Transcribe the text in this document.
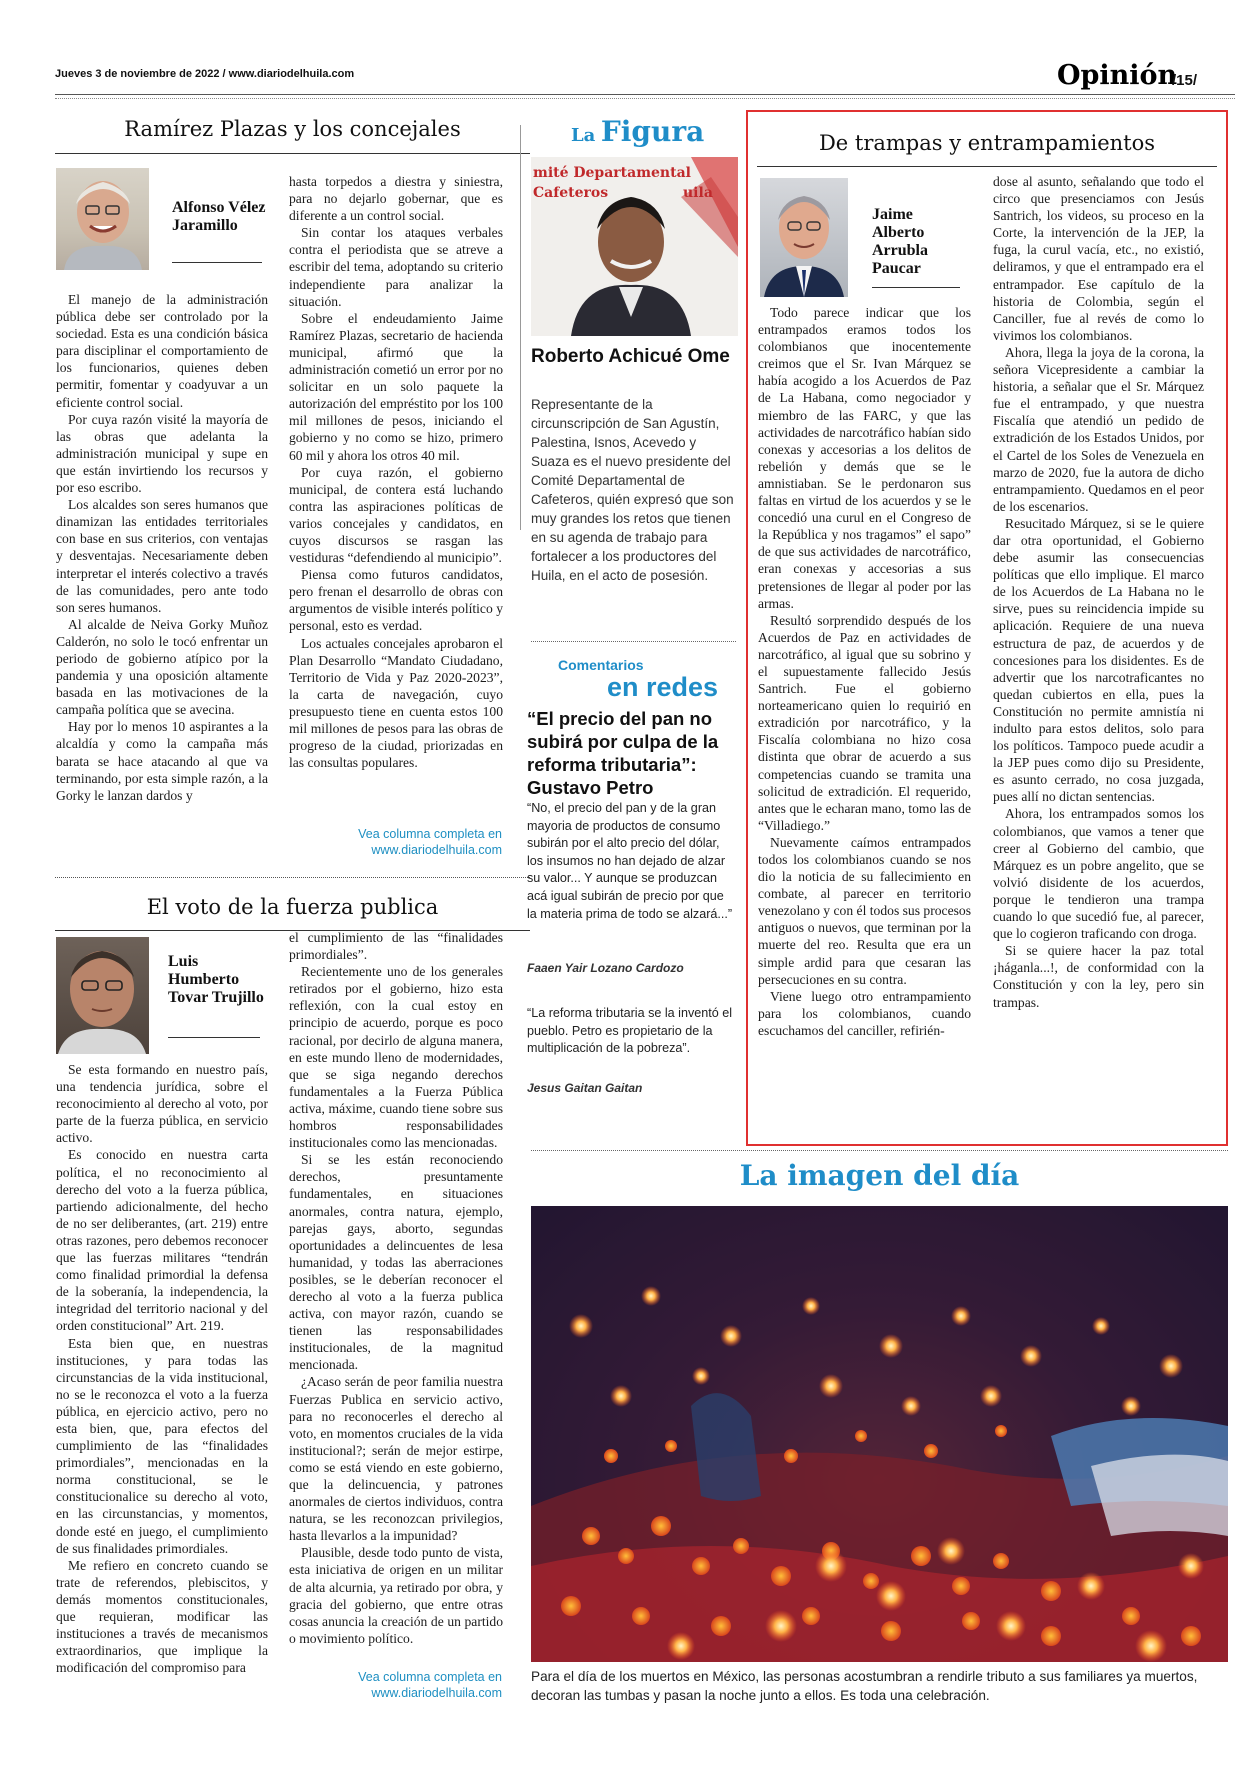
Jueves 3 de noviembre de 2022 / www.diariodelhuila.com	Opinión
/15/
Ramírez Plazas y los concejales
Alfonso Vélez Jaramillo

El manejo de la administración pública debe ser controlado por la sociedad. Esta es una condición básica para disciplinar el comportamiento de los funcionarios, quienes deben permitir, fomentar y coadyuvar a un eficiente control social.

Por cuya razón visité la mayoría de las obras que adelanta la administración municipal y supe en que están invirtiendo los recursos y por eso escribo.

Los alcaldes son seres humanos que dinamizan las entidades territoriales con base en sus criterios, con ventajas y desventajas. Necesariamente deben interpretar el interés colectivo a través de las comunidades, pero ante todo son seres humanos.

Al alcalde de Neiva Gorky Muñoz Calderón, no solo le tocó enfrentar un periodo de gobierno atípico por la pandemia y una oposición altamente basada en las motivaciones de la campaña política que se avecina.

Hay por lo menos 10 aspirantes a la alcaldía y como la campaña más barata se hace atacando al que va terminando, por esta simple razón, a la Gorky le lanzan dardos y

hasta torpedos a diestra y siniestra, para no dejarlo gobernar, que es diferente a un control social.

Sin contar los ataques verbales contra el periodista que se atreve a escribir del tema, adoptando su criterio independiente para analizar la situación.

Sobre el endeudamiento Jaime Ramírez Plazas, secretario de hacienda municipal, afirmó que la administración cometió un error por no solicitar en un solo paquete la autorización del empréstito por los 100 mil millones de pesos, iniciando el gobierno y no como se hizo, primero 60 mil y ahora los otros 40 mil.

Por cuya razón, el gobierno municipal, de contera está luchando contra las aspiraciones políticas de varios concejales y candidatos, en cuyos discursos se rasgan las vestiduras “defendiendo al municipio”.

Piensa como futuros candidatos, pero frenan el desarrollo de obras con argumentos de visible interés político y personal, esto es verdad.

Los actuales concejales aprobaron el Plan Desarrollo “Mandato Ciudadano, Territorio de Vida y Paz 2020-2023”, la carta de navegación, cuyo presupuesto tiene en cuenta estos 100 mil millones de pesos para las obras de progreso de la ciudad, priorizadas en las consultas populares.

Vea columna completa en
www.diariodelhuila.com
El voto de la fuerza publica
Luis Humberto Tovar Trujillo

Se esta formando en nuestro país, una tendencia jurídica, sobre el reconocimiento al derecho al voto, por parte de la fuerza pública, en servicio activo.

Es conocido en nuestra carta política, el no reconocimiento al derecho del voto a la fuerza pública, partiendo adicionalmente, del hecho de no ser deliberantes, (art. 219) entre otras razones, pero debemos reconocer que las fuerzas militares “tendrán como finalidad primordial la defensa de la soberanía, la independencia, la integridad del territorio nacional y del orden constitucional” Art. 219.

Esta bien que, en nuestras instituciones, y para todas las circunstancias de la vida institucional, no se le reconozca el voto a la fuerza pública, en ejercicio activo, pero no esta bien, que, para efectos del cumplimiento de las “finalidades primordiales”, mencionadas en la norma constitucional, se le constitucionalice su derecho al voto, en las circunstancias, y momentos, donde esté en juego, el cumplimiento de sus finalidades primordiales.

Me refiero en concreto cuando se trate de referendos, plebiscitos, y demás momentos constitucionales, que requieran, modificar las instituciones a través de mecanismos extraordinarios, que implique la modificación del compromiso para

el cumplimiento de las “finalidades primordiales”.

Recientemente uno de los generales retirados por el gobierno, hizo esta reflexión, con la cual estoy en principio de acuerdo, porque es poco racional, por decirlo de alguna manera, en este mundo lleno de modernidades, que se siga negando derechos fundamentales a la Fuerza Pública activa, máxime, cuando tiene sobre sus hombros responsabilidades institucionales como las mencionadas.

Si se les están reconociendo derechos, presuntamente fundamentales, en situaciones anormales, contra natura, ejemplo, parejas gays, aborto, segundas oportunidades a delincuentes de lesa humanidad, y todas las aberraciones posibles, se le deberían reconocer el derecho al voto a la fuerza publica activa, con mayor razón, cuando se tienen las responsabilidades institucionales, de la magnitud mencionada.

¿Acaso serán de peor familia nuestra Fuerzas Publica en servicio activo, para no reconocerles el derecho al voto, en momentos cruciales de la vida institucional?; serán de mejor estirpe, como se está viendo en este gobierno, que la delincuencia, y patrones anormales de ciertos individuos, contra natura, se les reconozcan privilegios, hasta llevarlos a la impunidad?

Plausible, desde todo punto de vista, esta iniciativa de origen en un militar de alta alcurnia, ya retirado por obra, y gracia del gobierno, que entre otras cosas anuncia la creación de un partido o movimiento político.

Vea columna completa en
www.diariodelhuila.com
La Figura
mité Departamental
Cafeteros	uila
Roberto Achicué Ome
Representante de la circunscripción de San Agustín, Palestina, Isnos, Acevedo y Suaza es el nuevo presidente del Comité Departamental de Cafeteros, quién expresó que son muy grandes los retos que tienen en su agenda de trabajo para fortalecer a los productores del Huila, en el acto de posesión.
Comentarios
en redes
“El precio del pan no subirá por culpa de la reforma tributaria”: Gustavo Petro
“No, el precio del pan y de la gran mayoria de productos de consumo subirán por el alto precio del dólar, los insumos no han dejado de alzar su valor... Y aunque se produzcan acá igual subirán de precio por que la materia prima de todo se alzará...”
Faaen Yair Lozano Cardozo
“La reforma tributaria se la inventó el pueblo. Petro es propietario de la multiplicación de la pobreza”.
Jesus Gaitan Gaitan
De trampas y entrampamientos
Jaime Alberto Arrubla Paucar

Todo parece indicar que los entrampados eramos todos los colombianos que inocentemente creimos que el Sr. Ivan Márquez se había acogido a los Acuerdos de Paz de La Habana, como negociador y miembro de las FARC, y que las actividades de narcotráfico habían sido conexas y accesorias a los delitos de rebelión y demás que se le amnistiaban. Se le perdonaron sus faltas en virtud de los acuerdos y se le concedió una curul en el Congreso de la República y nos tragamos” el sapo” de que sus actividades de narcotráfico, eran conexas y accesorias a sus pretensiones de llegar al poder por las armas.

Resultó sorprendido después de los Acuerdos de Paz en actividades de narcotráfico, al igual que su sobrino y el supuestamente fallecido Jesús Santrich. Fue el gobierno norteamericano quien lo requirió en extradición por narcotráfico, y la Fiscalía colombiana no hizo cosa distinta que obrar de acuerdo a sus competencias cuando se tramita una solicitud de extradición. El requerido, antes que le echaran mano, tomo las de “Villadiego.”

Nuevamente caímos entrampados todos los colombianos cuando se nos dio la noticia de su fallecimiento en combate, al parecer en territorio venezolano y con él todos sus procesos antiguos o nuevos, que terminan por la muerte del reo. Resulta que era un simple ardid para que cesaran las persecuciones en su contra.

Viene luego otro entrampamiento para los colombianos, cuando escuchamos del canciller, refirién-

dose al asunto, señalando que todo el circo que presenciamos con Jesús Santrich, los videos, su proceso en la Corte, la intervención de la JEP, la fuga, la curul vacía, etc., no existió, deliramos, y que el entrampado era el entrampador. Ese capítulo de la historia de Colombia, según el Canciller, fue al revés de como lo vivimos los colombianos.

Ahora, llega la joya de la corona, la señora Vicepresidente a cambiar la historia, a señalar que el Sr. Márquez fue el entrampado, y que nuestra Fiscalía que atendió un pedido de extradición de los Estados Unidos, por el Cartel de los Soles de Venezuela en marzo de 2020, fue la autora de dicho entrampamiento. Quedamos en el peor de los escenarios.

Resucitado Márquez, si se le quiere dar otra oportunidad, el Gobierno debe asumir las consecuencias políticas que ello implique. El marco de los Acuerdos de La Habana no le sirve, pues su reincidencia impide su aplicación. Requiere de una nueva estructura de paz, de acuerdos y de concesiones para los disidentes. Es de advertir que los narcotraficantes no quedan cubiertos en ella, pues la Constitución no permite amnistía ni indulto para estos delitos, solo para los políticos. Tampoco puede acudir a la JEP pues como dijo su Presidente, es asunto cerrado, no cosa juzgada, pues allí no dictan sentencias.

Ahora, los entrampados somos los colombianos, que vamos a tener que creer al Gobierno del cambio, que Márquez es un pobre angelito, que se volvió disidente de los acuerdos, porque le tendieron una trampa cuando lo que sucedió fue, al parecer, que lo cogieron traficando con droga.

Si se quiere hacer la paz total ¡háganla...!, de conformidad con la Constitución y con la ley, pero sin trampas.

La imagen del día
Para el día de los muertos en México, las personas acostumbran a rendirle tributo a sus familiares ya muertos, decoran las tumbas y pasan la noche junto a ellos. Es toda una celebración.
